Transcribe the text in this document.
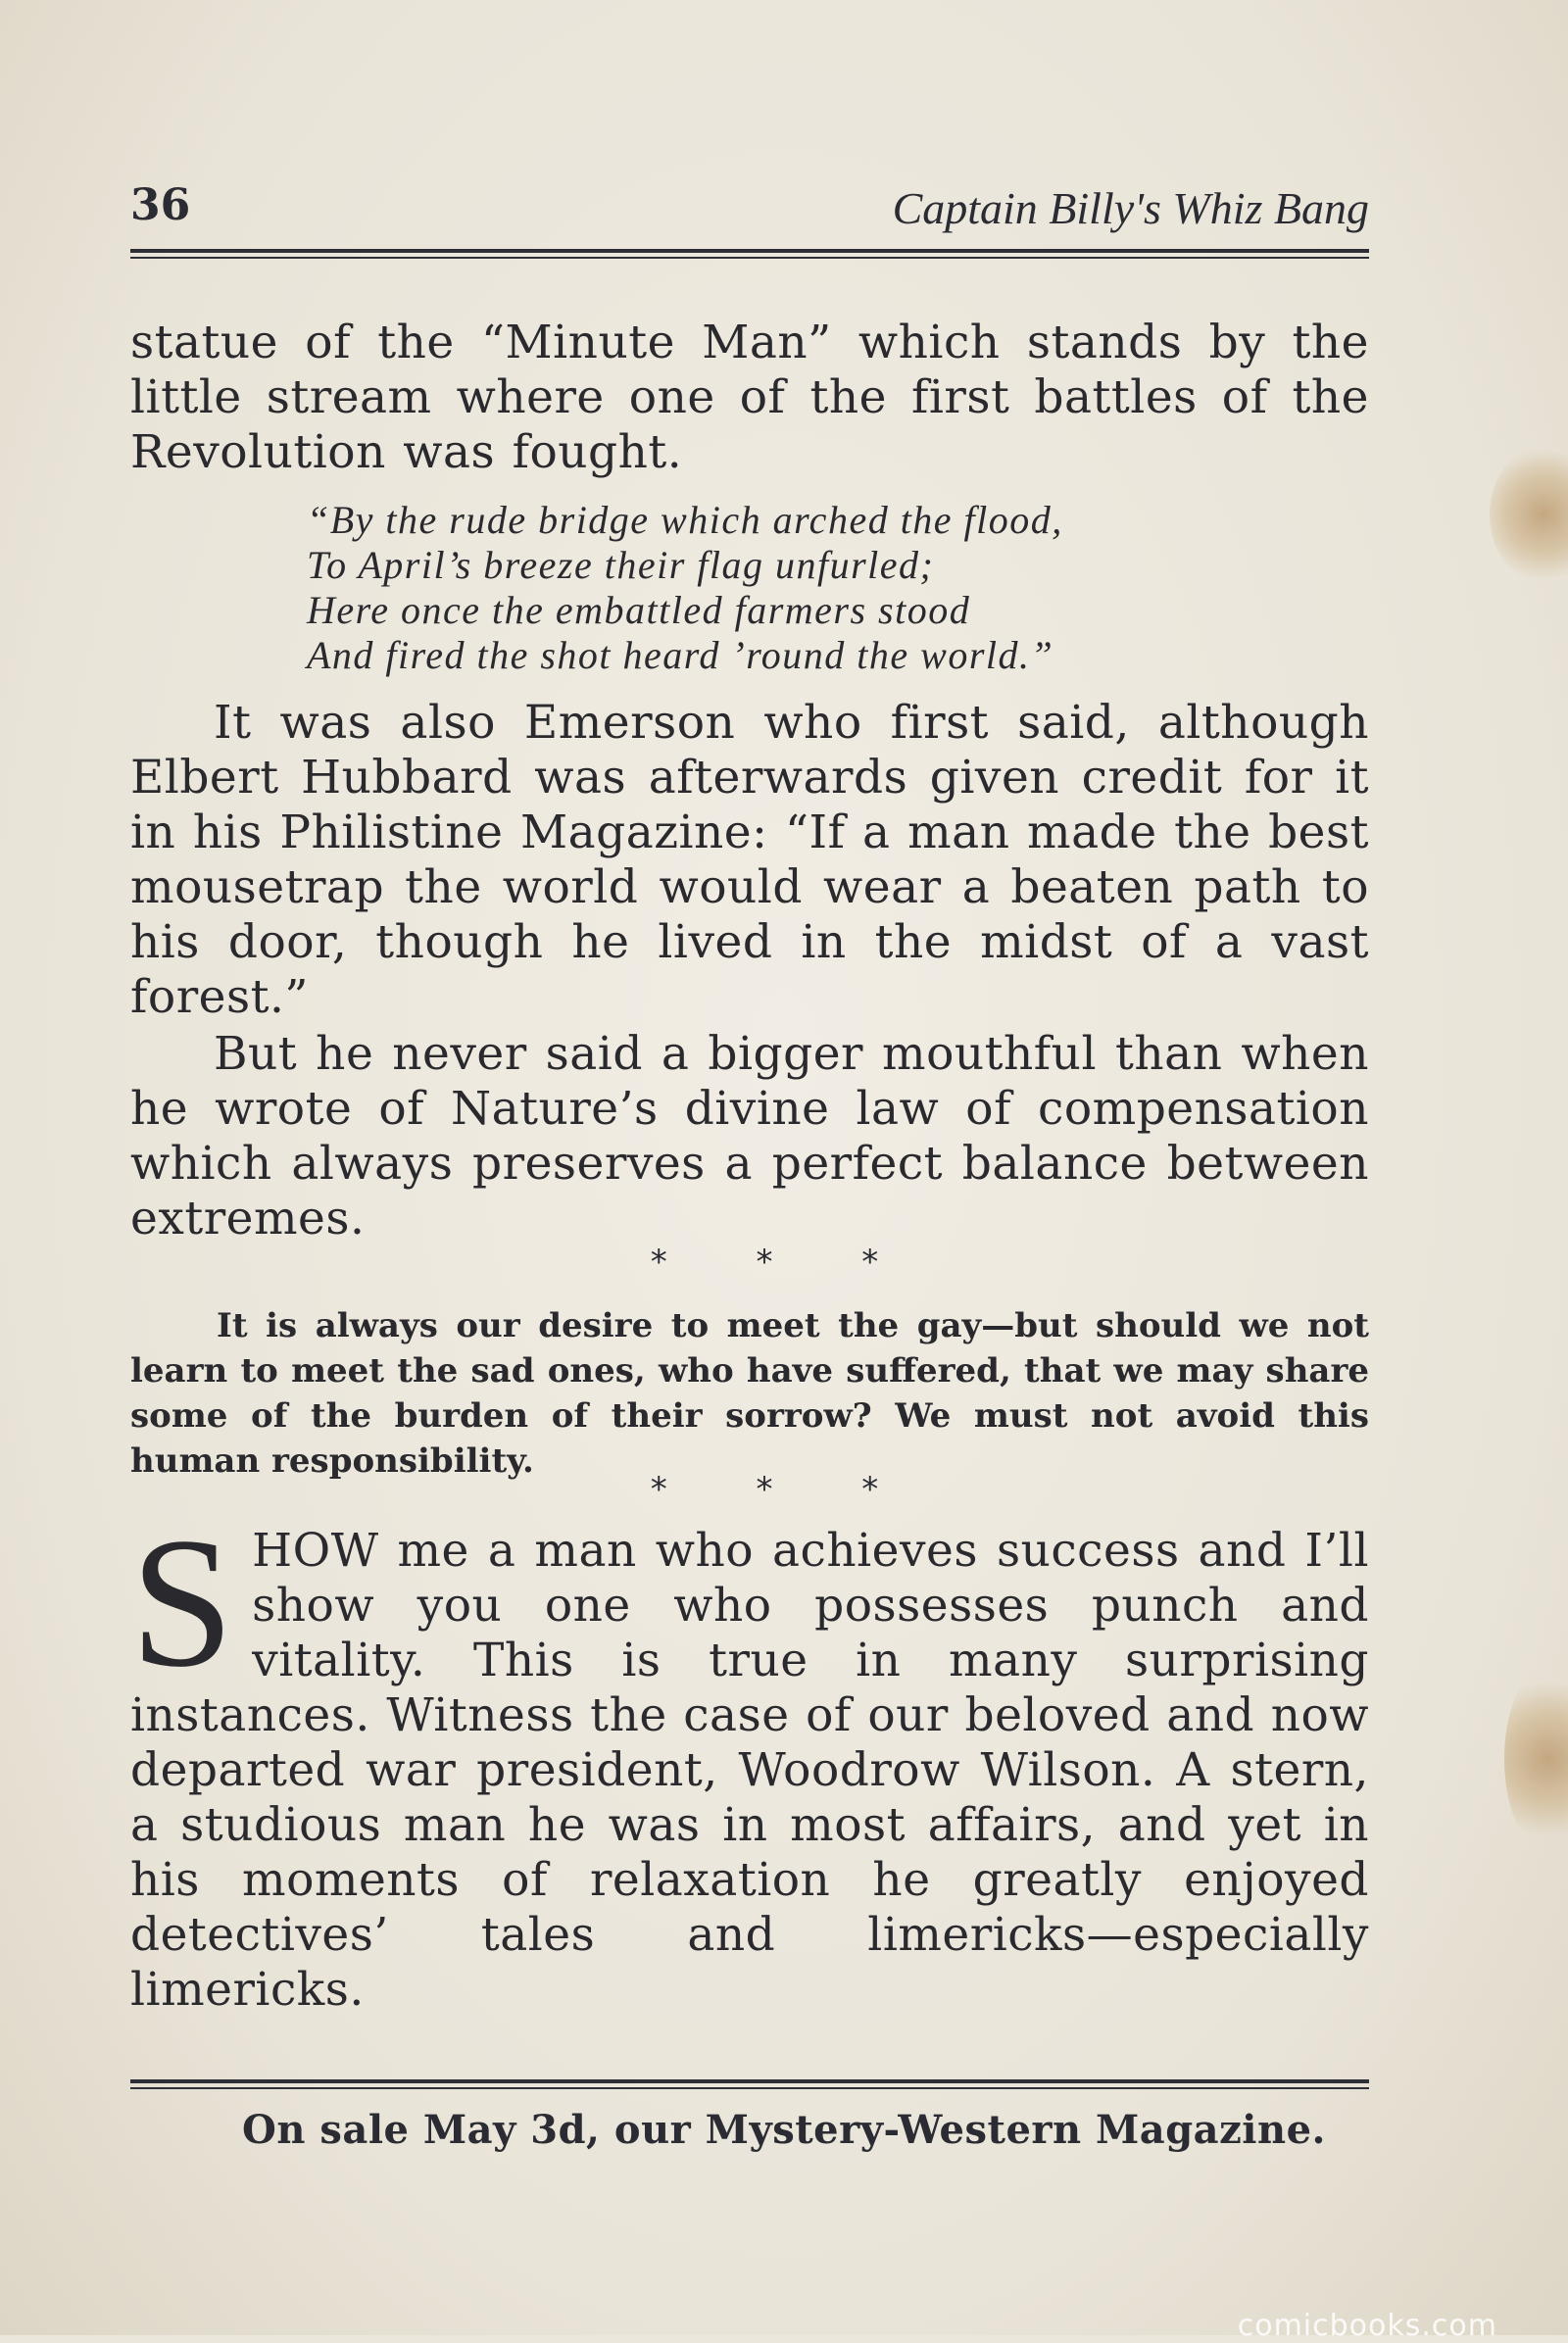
36	Captain Billy's Whiz Bang
statue of the “Minute Man” which stands by the little stream where one of the first battles of the Revolution was fought.
“By the rude bridge which arched the flood,
To April’s breeze their flag unfurled;
Here once the embattled farmers stood
And fired the shot heard ’round the world.”
It was also Emerson who first said, although Elbert Hubbard was afterwards given credit for it in his Philistine Magazine: “If a man made the best mousetrap the world would wear a beaten path to his door, though he lived in the midst of a vast forest.”
But he never said a bigger mouthful than when he wrote of Nature’s divine law of compensation which always preserves a perfect balance between extremes.
* * *
It is always our desire to meet the gay—but should we not learn to meet the sad ones, who have suffered, that we may share some of the burden of their sorrow? We must not avoid this human responsibility.
* * *
S HOW me a man who achieves success and I’ll show you one who possesses punch and vitality. This is true in many surprising instances. Witness the case of our beloved and now departed war president, Woodrow Wilson. A stern, a studious man he was in most affairs, and yet in his moments of relaxation he greatly enjoyed detectives’ tales and limericks—especially limericks.
On sale May 3d, our Mystery-Western Magazine.
comicbooks.com
